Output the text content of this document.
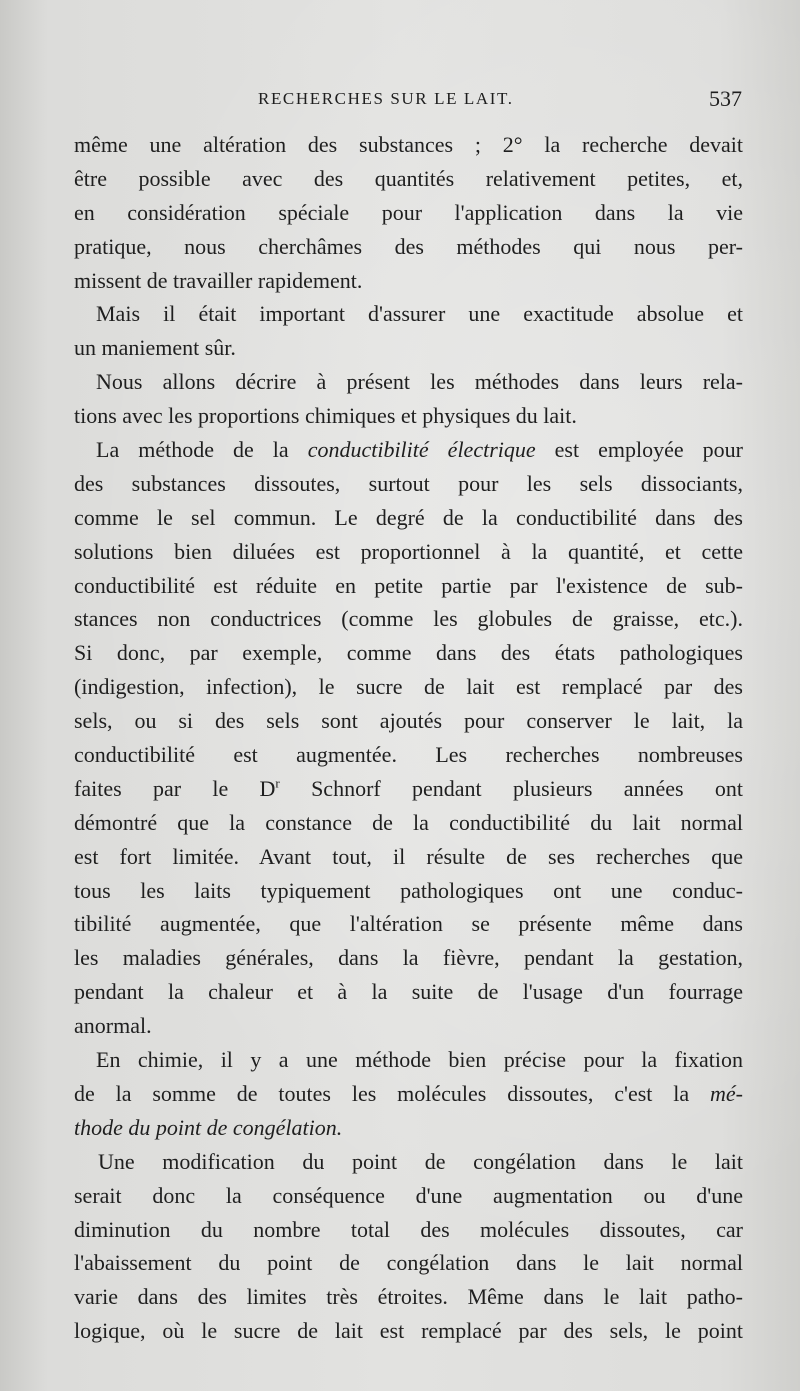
RECHERCHES SUR LE LAIT.	537
même une altération des substances ; 2° la recherche devait
être possible avec des quantités relativement petites, et,
en considération spéciale pour l'application dans la vie
pratique, nous cherchâmes des méthodes qui nous per-
missent de travailler rapidement.
Mais il était important d'assurer une exactitude absolue et
un maniement sûr.
Nous allons décrire à présent les méthodes dans leurs rela-
tions avec les proportions chimiques et physiques du lait.
La méthode de la conductibilité électrique est employée pour
des substances dissoutes, surtout pour les sels dissociants,
comme le sel commun. Le degré de la conductibilité dans des
solutions bien diluées est proportionnel à la quantité, et cette
conductibilité est réduite en petite partie par l'existence de sub-
stances non conductrices (comme les globules de graisse, etc.).
Si donc, par exemple, comme dans des états pathologiques
(indigestion, infection), le sucre de lait est remplacé par des
sels, ou si des sels sont ajoutés pour conserver le lait, la
conductibilité est augmentée. Les recherches nombreuses
faites par le $D^r$ Schnorf pendant plusieurs années ont
démontré que la constance de la conductibilité du lait normal
est fort limitée. Avant tout, il résulte de ses recherches que
tous les laits typiquement pathologiques ont une conduc-
tibilité augmentée, que l'altération se présente même dans
les maladies générales, dans la fièvre, pendant la gestation,
pendant la chaleur et à la suite de l'usage d'un fourrage
anormal.
En chimie, il y a une méthode bien précise pour la fixation
de la somme de toutes les molécules dissoutes, c'est la mé-
thode du point de congélation.
Une modification du point de congélation dans le lait
serait donc la conséquence d'une augmentation ou d'une
diminution du nombre total des molécules dissoutes, car
l'abaissement du point de congélation dans le lait normal
varie dans des limites très étroites. Même dans le lait patho-
logique, où le sucre de lait est remplacé par des sels, le point
